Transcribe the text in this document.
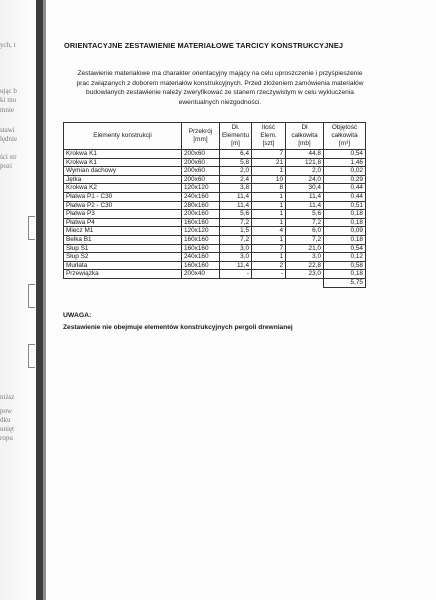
ych, t
ując b
ki mo
mnie
stawi
lędnie
ści str
pozi
niższ
pow
dku
unięt
ropu
ORIENTACYJNE ZESTAWIENIE MATERIAŁOWE TARCICY KONSTRUKCYJNEJ
Zestawienie materiałowe ma charakter orientacyjny mający na celu uproszczenie i przyśpieszenie prac związanych z doborem materiałów konstrukcyjnych. Przed złożeniem zamówienia materiałów budowlanych zestawienie należy zweryfikować ze stanem rzeczywistym w celu wykluczenia ewentualnych niezgodności.
Elementy konstrukcji	Przekrój [mm]	Dł. Elementu [m]	Ilość Elem. [szt]	Dł całkowita [mb]	Objętość całkowita [m³]
Krokwa K1	200x60	6,4	7	44,8	0,54
Krokwa K1	200x60	5,8	21	121,8	1,46
Wymian dachowy	200x60	2,0	1	2,0	0,02
Jętka	200x60	2,4	10	24,0	0,29
Krokwa K2	120x120	3,8	8	30,4	0,44
Płatwa P1 - C30	240x160	11,4	1	11,4	0,44
Płatwa P2 - C30	280x160	11,4	1	11,4	0,51
Płatwa P3	200x160	5,6	1	5,6	0,18
Płatwa P4	160x160	7,2	1	7,2	0,18
Miecz M1	120x120	1,5	4	6,0	0,09
Belka B1	160x160	7,2	1	7,2	0,18
Słup S1	160x160	3,0	7	21,0	0,54
Słup S2	240x160	3,0	1	3,0	0,12
Murłata	160x160	11,4	2	22,8	0,58
Przewiązka	200x40	-	-	23,0	0,18
					5,75
UWAGA:
Zestawienie nie obejmuje elementów konstrukcyjnych pergoli drewnianej
